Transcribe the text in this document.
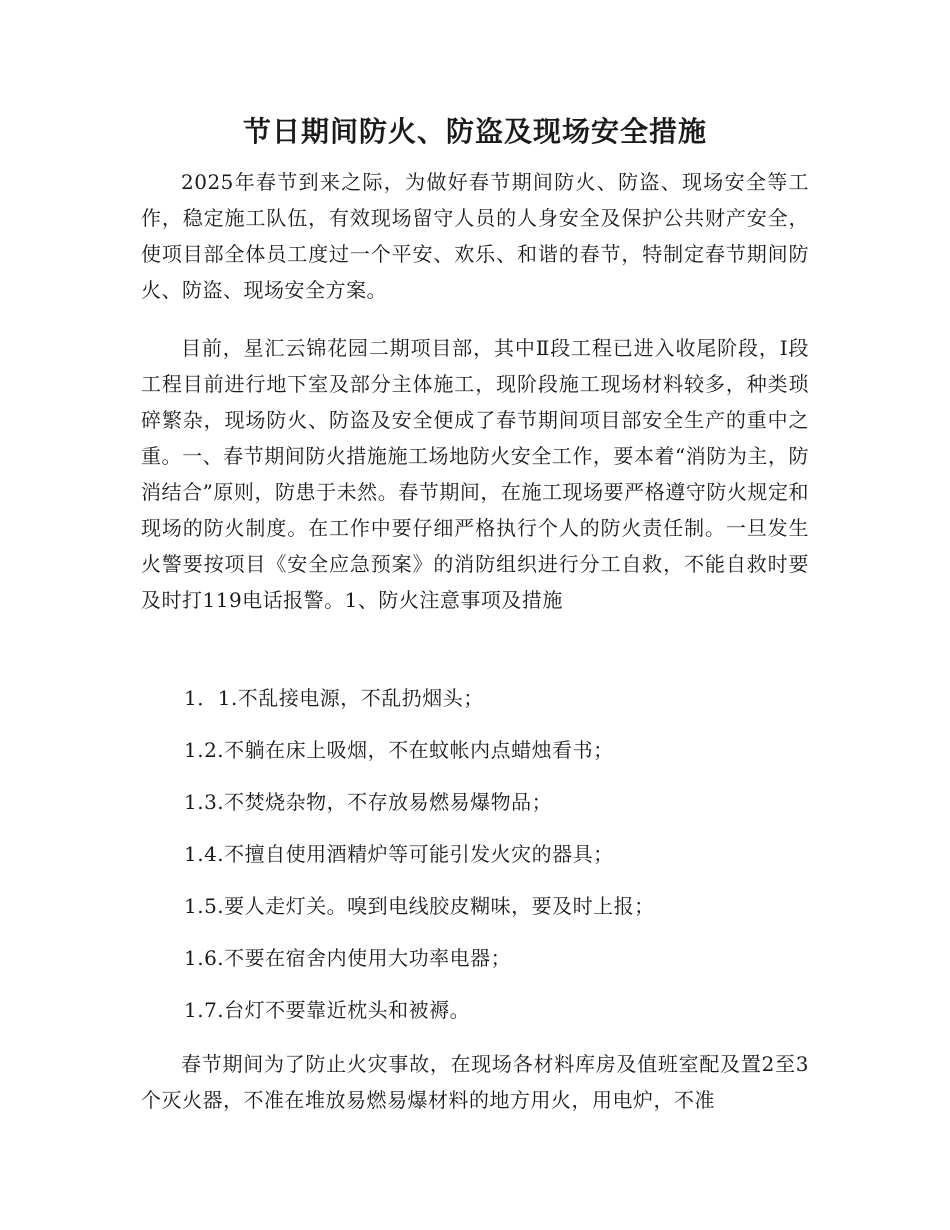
节日期间防火、防盗及现场安全措施

2025年春节到来之际，为做好春节期间防火、防盗、现场安全等工作，稳定施工队伍，有效现场留守人员的人身安全及保护公共财产安全，使项目部全体员工度过一个平安、欢乐、和谐的春节，特制定春节期间防火、防盗、现场安全方案。

目前，星汇云锦花园二期项目部，其中Ⅱ段工程已进入收尾阶段，Ⅰ段工程目前进行地下室及部分主体施工，现阶段施工现场材料较多，种类琐碎繁杂，现场防火、防盗及安全便成了春节期间项目部安全生产的重中之重。一、春节期间防火措施施工场地防火安全工作，要本着“消防为主，防消结合”原则，防患于未然。春节期间，在施工现场要严格遵守防火规定和现场的防火制度。在工作中要仔细严格执行个人的防火责任制。一旦发生火警要按项目《安全应急预案》的消防组织进行分工自救，不能自救时要及时打119电话报警。1、防火注意事项及措施

1．1.不乱接电源，不乱扔烟头；

1.2.不躺在床上吸烟，不在蚊帐内点蜡烛看书；

1.3.不焚烧杂物，不存放易燃易爆物品；

1.4.不擅自使用酒精炉等可能引发火灾的器具；

1.5.要人走灯关。嗅到电线胶皮糊味，要及时上报；

1.6.不要在宿舍内使用大功率电器；

1.7.台灯不要靠近枕头和被褥。

春节期间为了防止火灾事故，在现场各材料库房及值班室配及置2至3个灭火器，不准在堆放易燃易爆材料的地方用火，用电炉，不准
